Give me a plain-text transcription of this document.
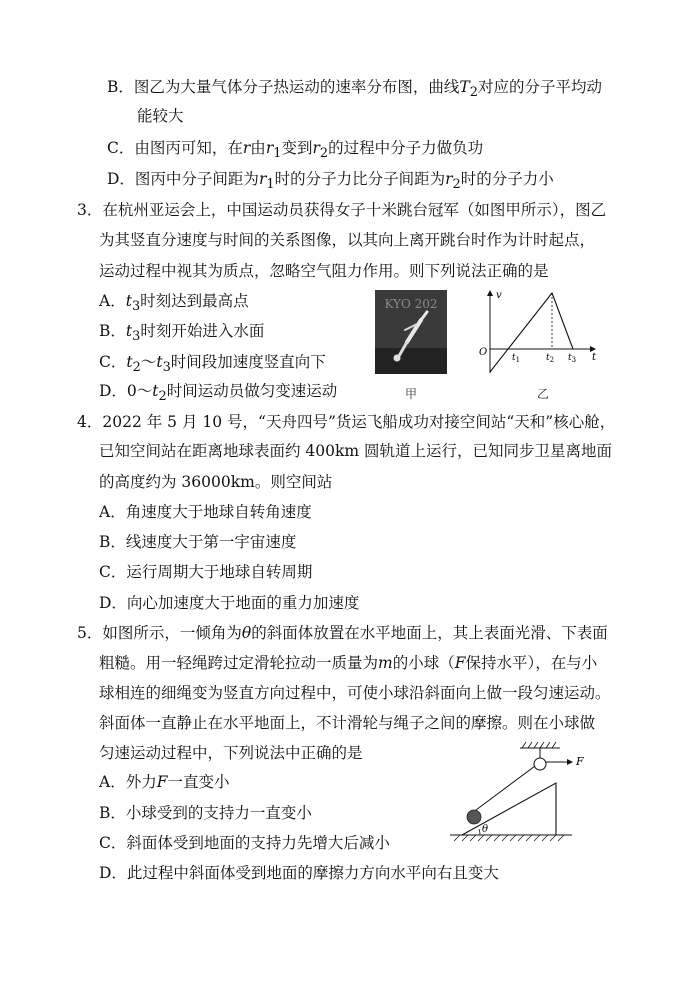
B．图乙为大量气体分子热运动的速率分布图，曲线$T_2$对应的分子平均动
能较大
C．由图丙可知，在r由$r_1$变到$r_2$的过程中分子力做负功
D．图丙中分子间距为$r_1$时的分子力比分子间距为$r_2$时的分子力小
3．在杭州亚运会上，中国运动员获得女子十米跳台冠军（如图甲所示），图乙
为其竖直分速度与时间的关系图像，以其向上离开跳台时作为计时起点，
运动过程中视其为质点，忽略空气阻力作用。则下列说法正确的是
A．$t_3$时刻达到最高点
B．$t_3$时刻开始进入水面
C．$t_2\sim t_3$时间段加速度竖直向下
D．$0\sim t_2$时间运动员做匀变速运动
KYO 202
甲
v
t
O	$t_1$	$t_2$ $t_3$
乙
4．2022 年 5 月 10 号，“天舟四号”货运飞船成功对接空间站“天和”核心舱，
已知空间站在距离地球表面约 400km 圆轨道上运行，已知同步卫星离地面
的高度约为 36000km。则空间站
A．角速度大于地球自转角速度
B．线速度大于第一宇宙速度
C．运行周期大于地球自转周期
D．向心加速度大于地面的重力加速度
5．如图所示，一倾角为θ的斜面体放置在水平地面上，其上表面光滑、下表面
粗糙。用一轻绳跨过定滑轮拉动一质量为m的小球（F保持水平），在与小
球相连的细绳变为竖直方向过程中，可使小球沿斜面向上做一段匀速运动。
斜面体一直静止在水平地面上，不计滑轮与绳子之间的摩擦。则在小球做
匀速运动过程中，下列说法中正确的是
A．外力F一直变小
B．小球受到的支持力一直变小
C．斜面体受到地面的支持力先增大后减小
D．此过程中斜面体受到地面的摩擦力方向水平向右且变大
F
θ
